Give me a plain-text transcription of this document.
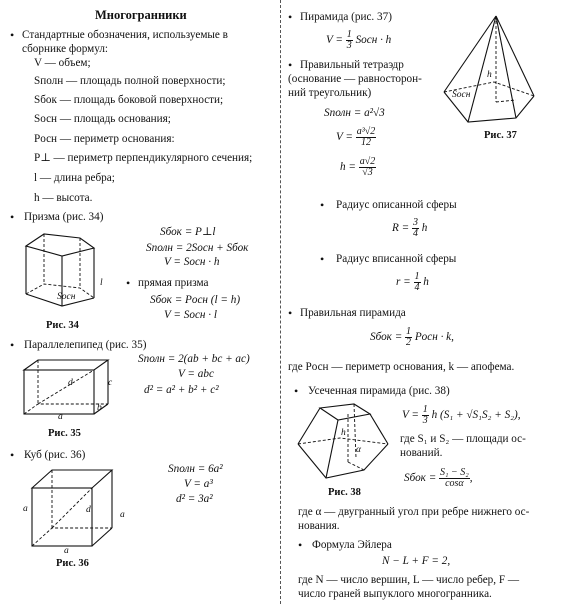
Многогранники
• Стандартные обозначения, используемые в
сборнике формул:
V — объем;
Sполн — площадь полной поверхности;
Sбок — площадь боковой поверхности;
Sосн — площадь основания;
Pосн — периметр основания:
P⊥ — периметр перпендикулярного сечения;
l — длина ребра;
h — высота.
• Призма (рис. 34)
Sосн
l
Sбок = P⊥l
Sполн = 2Sосн + Sбок
V = Sосн · h
• прямая призма
Sбок = Pосн (l = h)
V = Sосн · l
Рис. 34
• Параллелепипед (рис. 35)
a
b
c
d
Sполн = 2(ab + bc + ac)
V = abc
d² = a² + b² + c²
Рис. 35
• Куб (рис. 36)
a
a
a
d
Sполн = 6a²
V = a³
d² = 3a²
Рис. 36
• Пирамида (рис. 37)
$V = \frac{1}{3}$ Sосн · h
h
Sосн
Рис. 37
• Правильный тетраэдр
(основание — равносторон-
ний треугольник)
Sполн = a²√3
$V = \frac{\text{a³√2}}{12}$
$h = \frac{a√2}{√3}$
• Радиус описанной сферы
$R = \frac{3}{4}$ h
• Радиус вписанной сферы
$r = \frac{1}{4}$ h
• Правильная пирамида
Sбок = $\frac{1}{2}$ Pосн · k,
где Pосн — периметр основания, k — апофема.
• Усеченная пирамида (рис. 38)
h
α
Рис. 38
$V = \frac{1}{3}$ h (S₁ + √S₁S₂ + S₂),
где S₁ и S₂ — площади ос-
нований.
Sбок = $\frac{\text{S₁ − S₂}}{\cos\alpha}$ ,
где α — двугранный угол при ребре нижнего ос-
нования.
• Формула Эйлера
N − L + F = 2,
где N — число вершин, L — число ребер, F —
число граней выпуклого многогранника.
